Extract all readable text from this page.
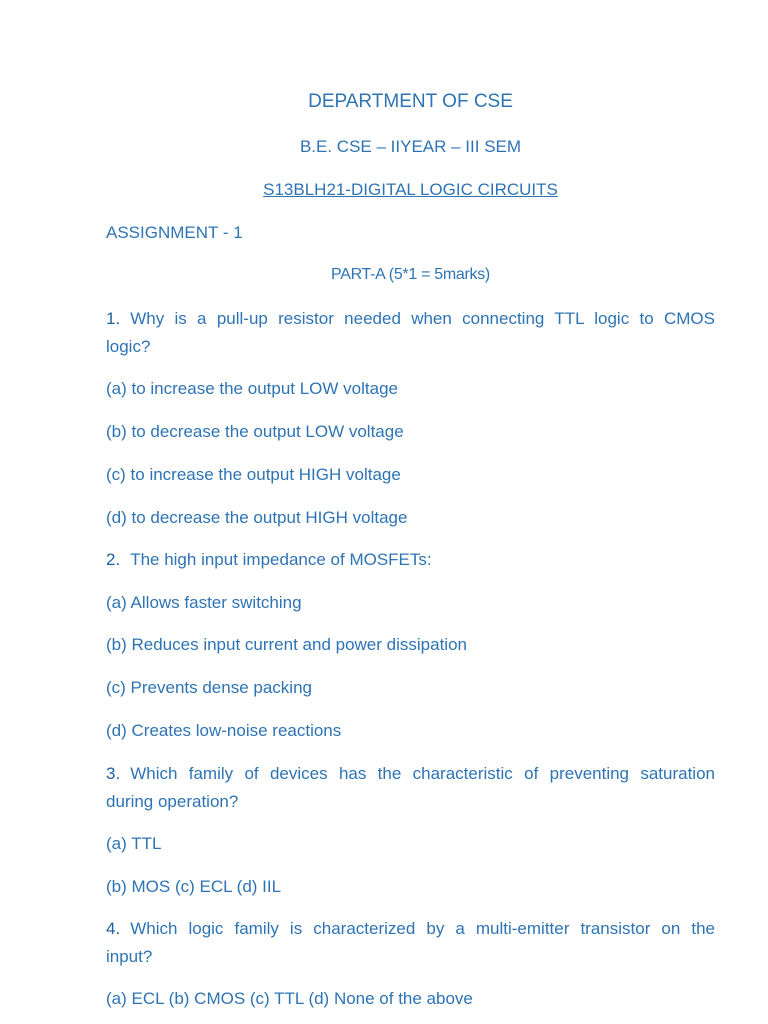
DEPARTMENT OF CSE
B.E. CSE – IIYEAR – III SEM
S13BLH21-DIGITAL LOGIC CIRCUITS
ASSIGNMENT - 1
PART-A (5*1 = 5marks)
1. Why is a pull-up resistor needed when connecting TTL logic to CMOS
logic?
(a) to increase the output LOW voltage
(b) to decrease the output LOW voltage
(c) to increase the output HIGH voltage
(d) to decrease the output HIGH voltage
2. The high input impedance of MOSFETs:
(a) Allows faster switching
(b) Reduces input current and power dissipation
(c) Prevents dense packing
(d) Creates low-noise reactions
3. Which family of devices has the characteristic of preventing saturation
during operation?
(a) TTL
(b) MOS (c) ECL (d) IIL
4. Which logic family is characterized by a multi-emitter transistor on the
input?
(a) ECL (b) CMOS (c) TTL (d) None of the above
